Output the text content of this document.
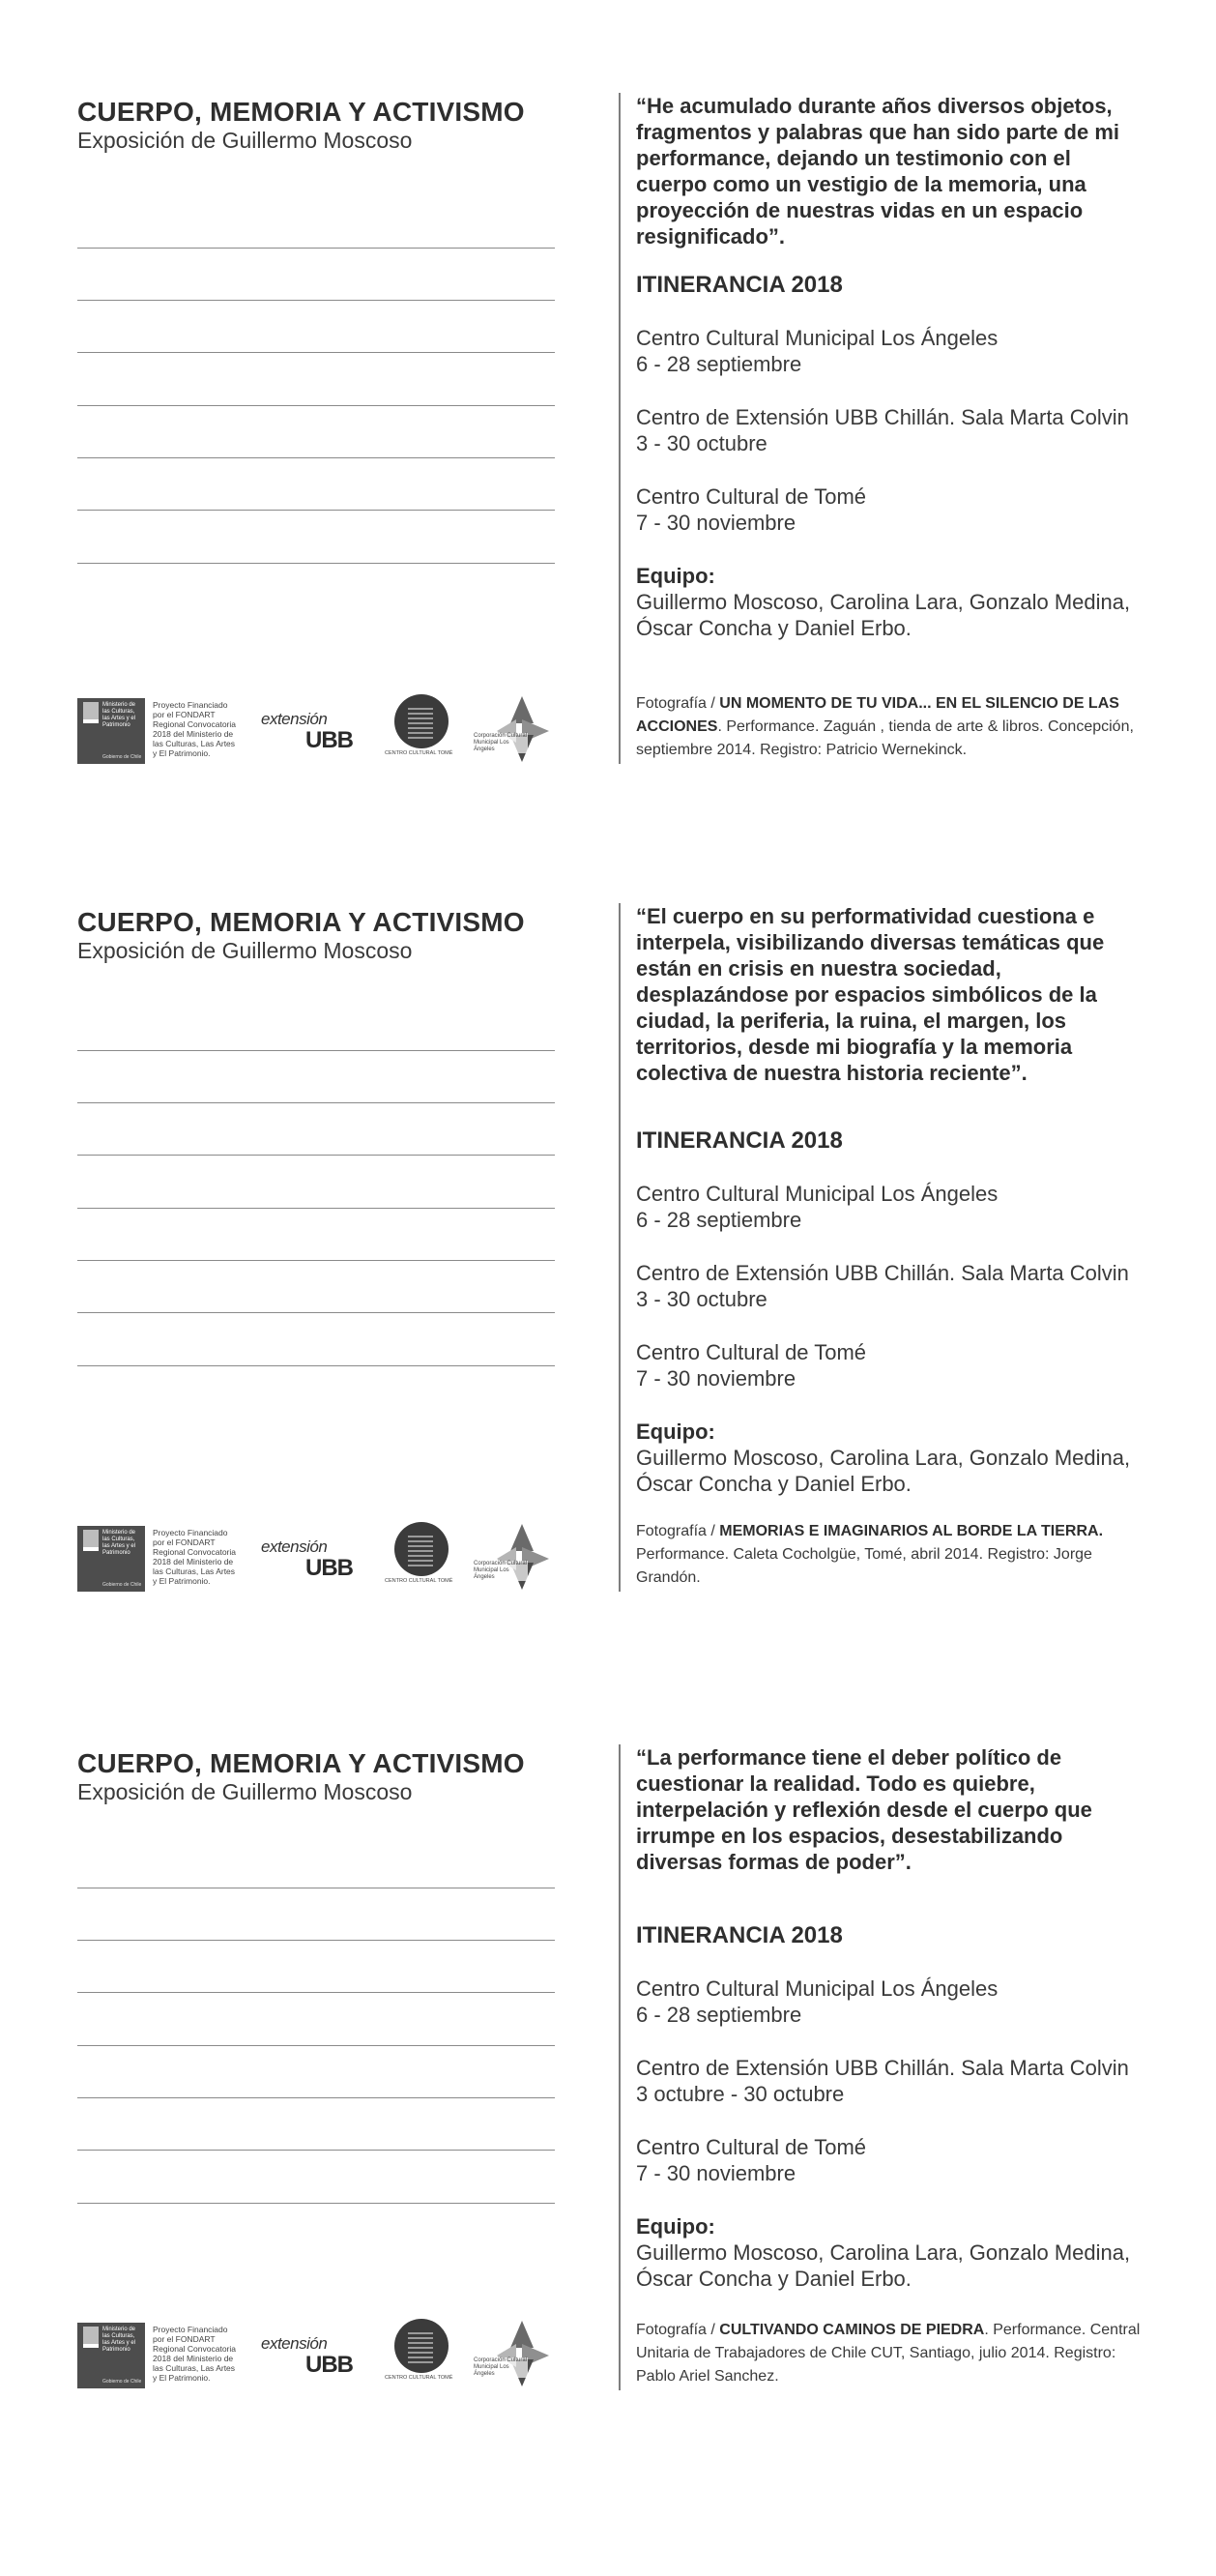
CUERPO, MEMORIA Y ACTIVISMO
Exposición de Guillermo Moscoso
“He acumulado durante años diversos objetos,
fragmentos y palabras que han sido parte de mi
performance, dejando un testimonio con el
cuerpo como un vestigio de la memoria, una
proyección de nuestras vidas en un espacio
resignificado”.
ITINERANCIA 2018
Centro Cultural Municipal Los Ángeles
6 - 28 septiembre
Centro de Extensión UBB Chillán. Sala Marta Colvin
3 - 30 octubre
Centro Cultural de Tomé
7 - 30 noviembre
Equipo:
Guillermo Moscoso, Carolina Lara, Gonzalo Medina,
Óscar Concha y Daniel Erbo.
Fotografía / UN MOMENTO DE TU VIDA... EN EL SILENCIO DE LAS ACCIONES. Performance. Zaguán , tienda de arte & libros. Concepción, septiembre 2014. Registro: Patricio Wernekinck.
Ministerio de las Culturas, las Artes y el Patrimonio
Gobierno de Chile
Proyecto Financiado por el FONDART Regional Convocatoria 2018 del Ministerio de las Culturas, Las Artes y El Patrimonio.
extensión
UBB	CENTRO CULTURAL TOMÉ
Corporación Cultural Municipal Los Ángeles
CUERPO, MEMORIA Y ACTIVISMO
Exposición de Guillermo Moscoso
“El cuerpo en su performatividad cuestiona e
interpela, visibilizando diversas temáticas que
están en crisis en nuestra sociedad,
desplazándose por espacios simbólicos de la
ciudad, la periferia, la ruina, el margen, los
territorios, desde mi biografía y la memoria
colectiva de nuestra historia reciente”.
ITINERANCIA 2018
Centro Cultural Municipal Los Ángeles
6 - 28 septiembre
Centro de Extensión UBB Chillán. Sala Marta Colvin
3 - 30 octubre
Centro Cultural de Tomé
7 - 30 noviembre
Equipo:
Guillermo Moscoso, Carolina Lara, Gonzalo Medina,
Óscar Concha y Daniel Erbo.
Fotografía / MEMORIAS E IMAGINARIOS AL BORDE LA TIERRA. Performance. Caleta Cocholgüe, Tomé, abril 2014. Registro: Jorge Grandón.
Ministerio de las Culturas, las Artes y el Patrimonio
Gobierno de Chile
Proyecto Financiado por el FONDART Regional Convocatoria 2018 del Ministerio de las Culturas, Las Artes y El Patrimonio.
extensión
UBB	CENTRO CULTURAL TOMÉ
Corporación Cultural Municipal Los Ángeles
CUERPO, MEMORIA Y ACTIVISMO
Exposición de Guillermo Moscoso
“La performance tiene el deber político de
cuestionar la realidad. Todo es quiebre,
interpelación y reflexión desde el cuerpo que
irrumpe en los espacios, desestabilizando
diversas formas de poder”.
ITINERANCIA 2018
Centro Cultural Municipal Los Ángeles
6 - 28 septiembre
Centro de Extensión UBB Chillán. Sala Marta Colvin
3 octubre - 30 octubre
Centro Cultural de Tomé
7 - 30 noviembre
Equipo:
Guillermo Moscoso, Carolina Lara, Gonzalo Medina,
Óscar Concha y Daniel Erbo.
Fotografía / CULTIVANDO CAMINOS DE PIEDRA. Performance. Central Unitaria de Trabajadores de Chile CUT, Santiago, julio 2014. Registro: Pablo Ariel Sanchez.
Ministerio de las Culturas, las Artes y el Patrimonio
Gobierno de Chile
Proyecto Financiado por el FONDART Regional Convocatoria 2018 del Ministerio de las Culturas, Las Artes y El Patrimonio.
extensión
UBB	CENTRO CULTURAL TOMÉ
Corporación Cultural Municipal Los Ángeles
